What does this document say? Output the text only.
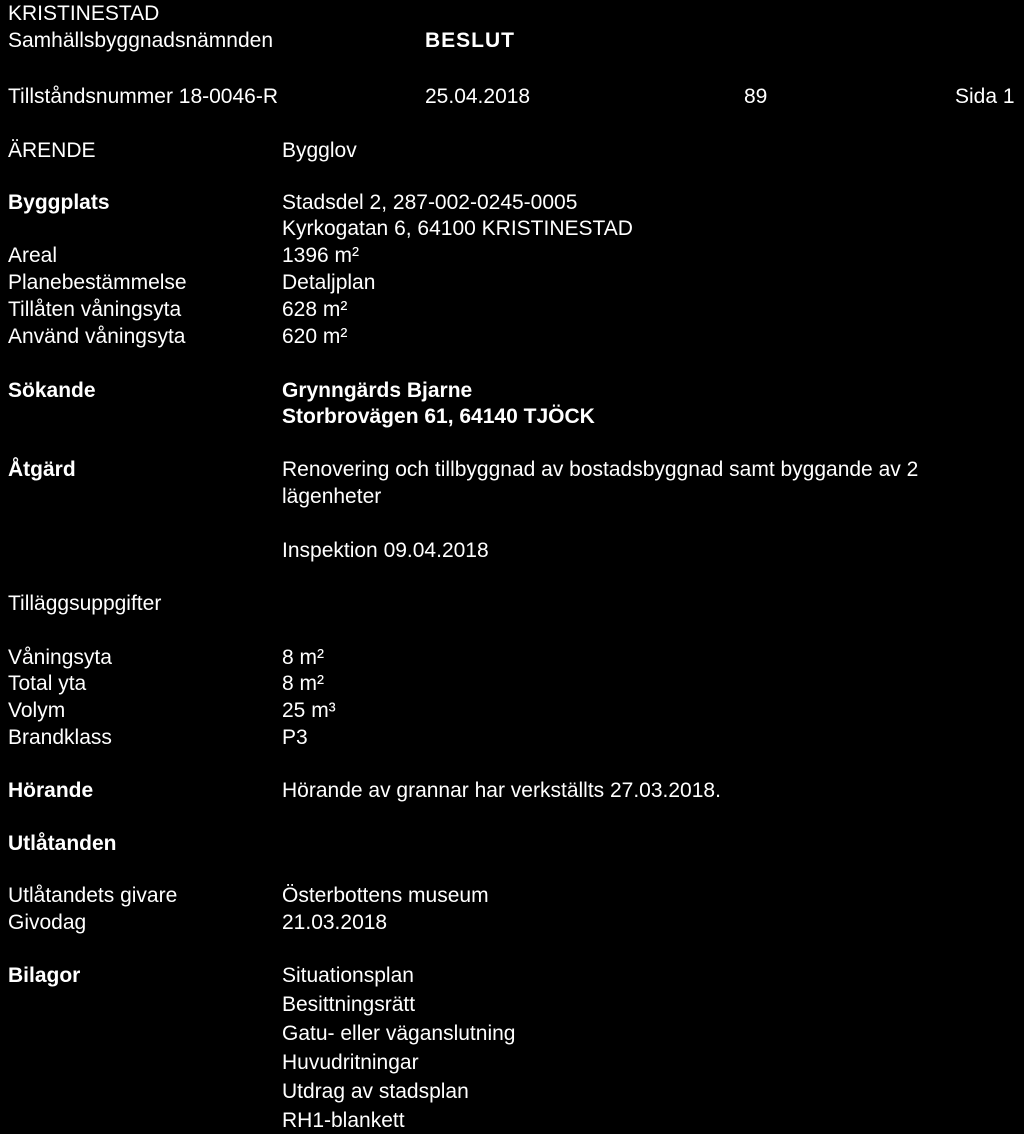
KRISTINESTAD
Samhällsbyggnadsnämnden	BESLUT
Tillståndsnummer 18-0046-R	25.04.2018	89	Sida 1
ÄRENDE	Bygglov
Byggplats	Stadsdel 2, 287-002-0245-0005
Kyrkogatan 6, 64100 KRISTINESTAD
Areal	1396 m²
Planebestämmelse	Detaljplan
Tillåten våningsyta	628 m²
Använd våningsyta	620 m²
Sökande	Grynngärds Bjarne
Storbrovägen 61, 64140 TJÖCK
Åtgärd	Renovering och tillbyggnad av bostadsbyggnad samt byggande av 2
lägenheter
Inspektion 09.04.2018
Tilläggsuppgifter
Våningsyta	8 m²
Total yta	8 m²
Volym	25 m³
Brandklass	P3
Hörande	Hörande av grannar har verkställts 27.03.2018.
Utlåtanden
Utlåtandets givare	Österbottens museum
Givodag	21.03.2018
Bilagor	Situationsplan
Besittningsrätt
Gatu- eller väganslutning
Huvudritningar
Utdrag av stadsplan
RH1-blankett
